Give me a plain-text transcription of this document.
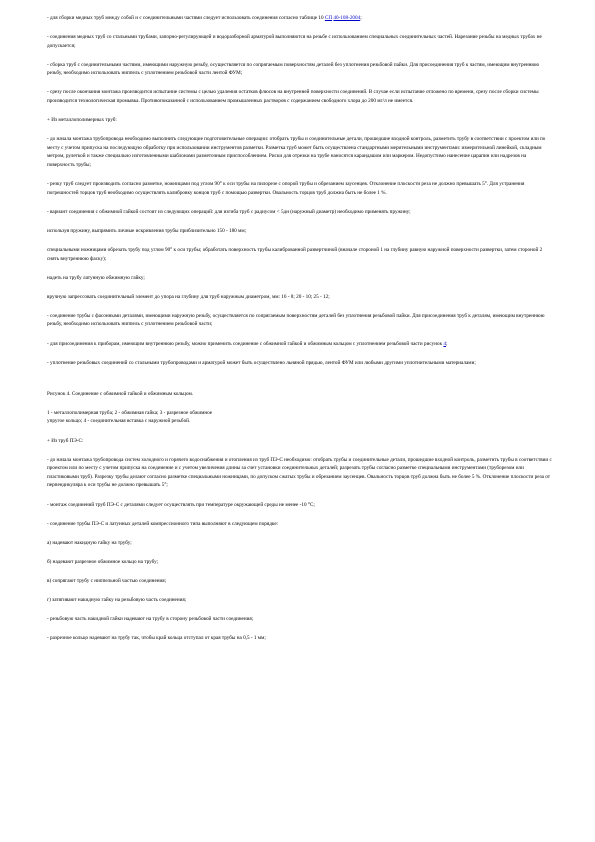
- для сборки медных труб между собой и с соединительными частями следует использовать соединения согласно таблице 10 СП 40-108-2004;

- соединения медных труб со стальными трубами, запорно-регулирующей и водоразборной арматурой выполняются на резьбе с использованием специальных соединительных частей. Нарезание резьбы на медных трубах не допускается;

- сборка труб с соединительными частями, имеющими наружную резьбу, осуществляется по сопрягаемым поверхностям деталей без уплотнения резьбовой пайки. Для присоединения труб к частям, имеющим внутреннюю резьбу, необходимо использовать ниппель с уплотнением резьбовой части лентой ФУМ;

- срезу после окончания монтажа производится испытание системы с целью удаления остатков флюсов на внутренней поверхности соединений. В случае если испытание отложено по времени, срезу после сборки системы производится технологическая промывка. Противопоказанной с использованием промышленных растворов с содержанием свободного хлора до 200 мг/л не имеется.

+ Из металлополимерных труб:

- до начала монтажа трубопровода необходимо выполнить следующие подготовительные операции: отобрать трубы и соединительные детали, прошедшие входной контроль, разметить трубу в соответствии с проектом или по месту с учетом припуска на последующую обработку при использовании инструментов разметки. Разметка труб может быть осуществлена стандартными мерительными инструментами: измерительной линейкой, складным метром, рулеткой и также специально изготовленными шаблонами разметочным приспособлением. Риски для отрезки на трубе наносятся карандашом или маркером. Недопустимо нанесение царапин или надрезов на поверхность трубы;

- резку труб следует производить согласно разметке, ножницами под углом 90° к оси трубы на пилорезе с опорой трубы и обрезанием заусенцев. Отклонение плоскости реза не должно превышать 5°. Для устранения погрешностей торцов труб необходимо осуществлять калибровку концов труб с помощью развертки. Овальность торцов труб должна быть не более 1 %.

- вариант соединения с обжимной гайкой состоит из следующих операций: для изгиба труб с радиусом < 5дн (наружный диаметр) необходимо применять пружину;

используя пружину, выпрямить личные искривления трубы приблизительно 150 - 180 мм;

специальными ножницами обрезать трубу под углом 90° к оси трубы; обработать поверхность трубы калиброванной развертчиной (вначале стороной 1 на глубину равную наружной поверхности развертки, затем стороной 2 снять внутреннюю фаску);

надеть на трубу латунную обжимную гайку;

вручную запрессовать соединительный элемент до упора на глубину для труб наружным диаметром, мм: 16 - 8; 20 - 10; 25 - 12;

- соединение трубы с фасонными деталями, имеющими наружную резьбу, осуществляется по сопрягаемым поверхностям деталей без уплотнения резьбовой пайки. Для присоединения труб к деталям, имеющим внутреннюю резьбу, необходимо использовать ниппель с уплотнением резьбовой части;

- для присоединения к приборам, имеющим внутреннюю резьбу, можно применить соединение с обжимной гайкой и обжимным кольцом с уплотнением резьбовой части рисунок 4;

- уплотнение резьбовых соединений со стальными трубопроводами и арматурой может быть осуществлено льняной прядью, лентой ФУМ или любыми другими уплотнительными материалами;

Рисунок 4. Соединение с обжимной гайкой и обжимным кольцом.

1 - металлополимерная труба; 2 - обжимная гайка; 3 - разрезное обжимное
упругое кольцо; 4 - соединительная вставка с наружной резьбой.

+ Из труб ПЭ-С:

- до начала монтажа трубопровода систем холодного и горячего водоснабжения и отопления из труб ПЭ-С необходимо: отобрать трубы и соединительные детали, прошедшие входной контроль, разметить трубы в соответствии с проектом или по месту с учетом припуска на соединение и с учетом увеличения длины за счет установки соединительных деталей; разрезать трубы согласно разметке специальными инструментами (труборезом или пластиковыми труб). Разрезку трубы делают согласно разметке специальными ножницами, по допуском сжатых трубы и обрезанием заусенцев. Овальность торцов труб должна быть не более 5 %. Отклонение плоскости реза от перпендикуляра к оси трубы не должно превышать 5°;

- монтаж соединений труб ПЭ-С с деталями следует осуществлять при температуре окружающей среды не менее -10 °С;

- соединение трубы ПЭ-С и латунных деталей компрессионного типа выполняют в следующем порядке:

а) надевают накидную гайку на трубу;

б) надевают разрезное обжимное кольцо на трубу;

в) сопрягают трубу с ниппельной частью соединения;

г) затягивают накидную гайку на резьбовую часть соединения;

- резьбовую часть накидной гайки надевают на трубу в сторону резьбовой части соединения;

- разрезное кольцо надевают на трубу так, чтобы край кольца отступал от края трубы на 0,5 - 1 мм;
